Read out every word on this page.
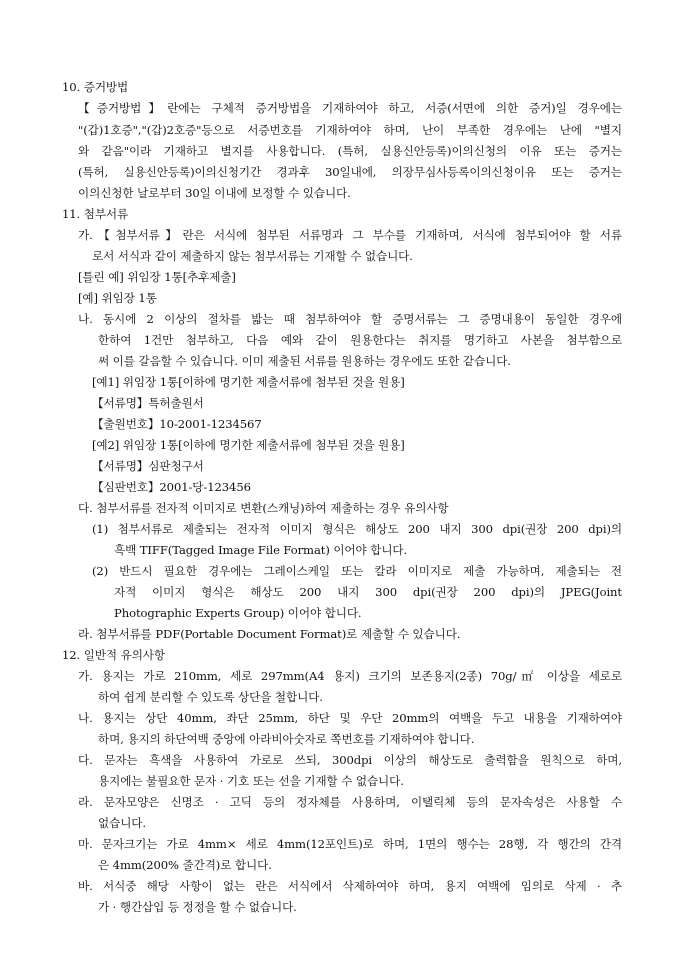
10. 증거방법
【증거방법】란에는 구체적 증거방법을 기재하여야 하고, 서증(서면에 의한 증거)일 경우에는
"(갑)1호증","(갑)2호증"등으로 서증번호를 기재하여야 하며, 난이 부족한 경우에는 난에 "별지
와 같음"이라 기재하고 별지를 사용합니다. (특허, 실용신안등록)이의신청의 이유 또는 증거는
(특허, 실용신안등록)이의신청기간 경과후 30일내에, 의장무심사등록이의신청이유 또는 증거는
이의신청한 날로부터 30일 이내에 보정할 수 있습니다.
11. 첨부서류
가.【첨부서류】란은 서식에 첨부된 서류명과 그 부수를 기재하며, 서식에 첨부되어야 할 서류
로서 서식과 같이 제출하지 않는 첨부서류는 기재할 수 없습니다.
[틀린 예] 위임장 1통[추후제출]
[예] 위임장 1통
나. 동시에 2 이상의 절차를 밟는 때 첨부하여야 할 증명서류는 그 증명내용이 동일한 경우에
한하여 1건만 첨부하고, 다음 예와 같이 원용한다는 취지를 명기하고 사본을 첨부함으로
써 이를 갈음할 수 있습니다. 이미 제출된 서류를 원용하는 경우에도 또한 같습니다.
[예1] 위임장 1통[이하에 명기한 제출서류에 첨부된 것을 원용]
【서류명】특허출원서
【출원번호】10-2001-1234567
[예2] 위임장 1통[이하에 명기한 제출서류에 첨부된 것을 원용]
【서류명】심판청구서
【심판번호】2001-당-123456
다. 첨부서류를 전자적 이미지로 변환(스캐닝)하여 제출하는 경우 유의사항
(1) 첨부서류로 제출되는 전자적 이미지 형식은 해상도 200 내지 300 dpi(권장 200 dpi)의
흑백 TIFF(Tagged Image File Format) 이어야 합니다.
(2) 반드시 필요한 경우에는 그레이스케일 또는 칼라 이미지로 제출 가능하며, 제출되는 전
자적 이미지 형식은 해상도 200 내지 300 dpi(권장 200 dpi)의 JPEG(Joint
Photographic Experts Group) 이어야 합니다.
라. 첨부서류를 PDF(Portable Document Format)로 제출할 수 있습니다.
12. 일반적 유의사항
가. 용지는 가로 210mm, 세로 297mm(A4 용지) 크기의 보존용지(2종) 70g/㎡ 이상을 세로로
하여 쉽게 분리할 수 있도록 상단을 철합니다.
나. 용지는 상단 40mm, 좌단 25mm, 하단 및 우단 20mm의 여백을 두고 내용을 기재하여야
하며, 용지의 하단여백 중앙에 아라비아숫자로 쪽번호를 기재하여야 합니다.
다. 문자는 흑색을 사용하여 가로로 쓰되, 300dpi 이상의 해상도로 출력함을 원칙으로 하며,
용지에는 불필요한 문자 · 기호 또는 선을 기재할 수 없습니다.
라. 문자모양은 신명조 · 고딕 등의 정자체를 사용하며, 이탤릭체 등의 문자속성은 사용할 수
없습니다.
마. 문자크기는 가로 4mm× 세로 4mm(12포인트)로 하며, 1면의 행수는 28행, 각 행간의 간격
은 4mm(200% 줄간격)로 합니다.
바. 서식중 해당 사항이 없는 란은 서식에서 삭제하여야 하며, 용지 여백에 임의로 삭제 · 추
가 · 행간삽입 등 정정을 할 수 없습니다.
